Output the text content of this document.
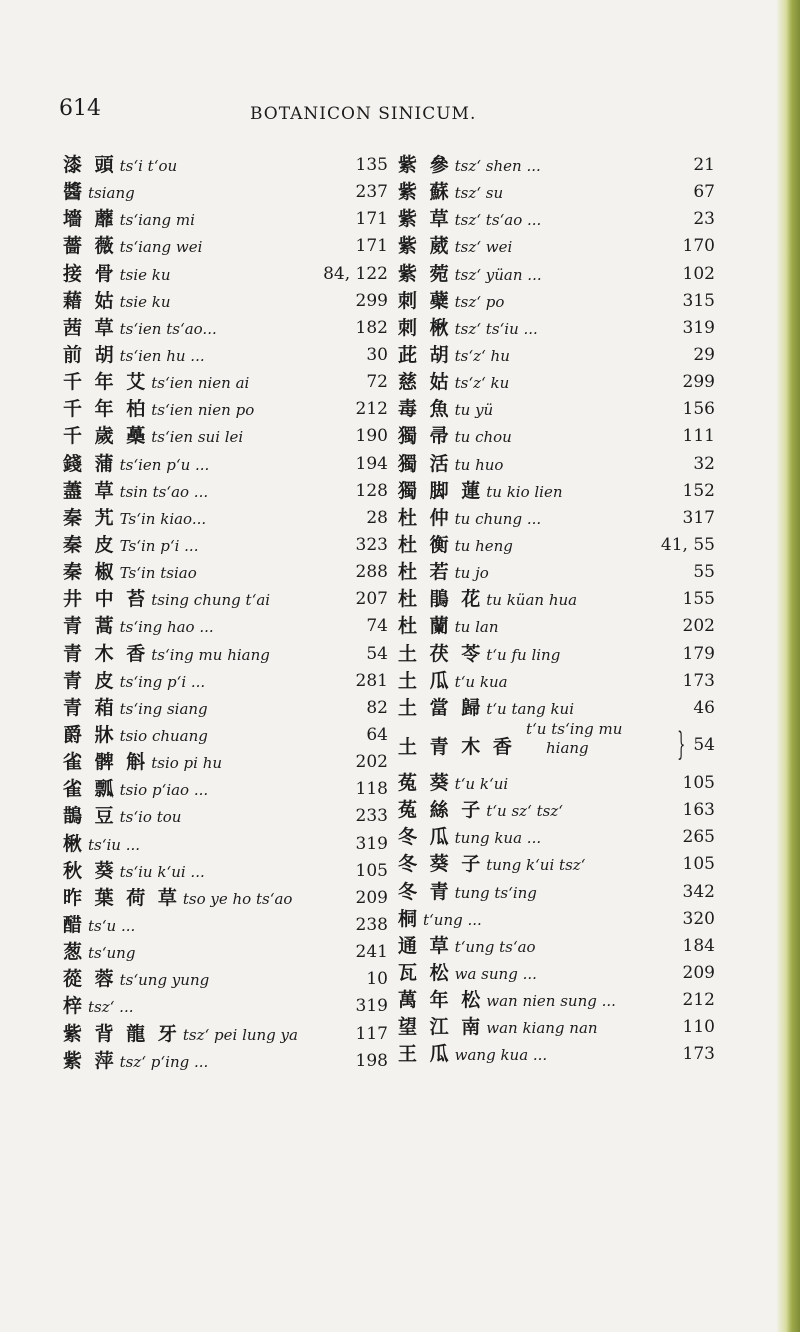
614	BOTANICON SINICUM.
漆 頭 ts‘i t‘ou	135
醬 tsiang	237
墻 蘼 ts‘iang mi	171
薔 薇 ts‘iang wei	171
接 骨 tsie ku	84, 122
藉 姑 tsie ku	299
茜 草 ts‘ien ts‘ao...	182
前 胡 ts‘ien hu ...	30
千 年 艾 ts‘ien nien ai	72
千 年 柏 ts‘ien nien po	212
千 歲 蘽 ts‘ien sui lei	190
錢 蒲 ts‘ien p‘u ...	194
藎 草 tsin ts‘ao ...	128
秦 艽 Ts‘in kiao...	28
秦 皮 Ts‘in p‘i ...	323
秦 椒 Ts‘in tsiao	288
井 中 苔 tsing chung t‘ai	207
青 蒿 ts‘ing hao ...	74
青 木 香 ts‘ing mu hiang	54
青 皮 ts‘ing p‘i ...	281
青 葙 ts‘ing siang	82
爵 牀 tsio chuang	64
雀 髀 斛 tsio pi hu	202
雀 瓢 tsio p‘iao ...	118
鵲 豆 ts‘io tou	233
楸 ts‘iu ...	319
秋 葵 ts‘iu k‘ui ...	105
昨 葉 荷 草 tso ye ho ts‘ao	209
醋 ts‘u ...	238
葱 ts‘ung	241
蓯 蓉 ts‘ung yung	10
梓 tsz‘ ...	319
紫 背 龍 牙 tsz‘ pei lung ya	117
紫 萍 tsz‘ p‘ing ...	198
紫 參 tsz‘ shen ...	21
紫 蘇 tsz‘ su	67
紫 草 tsz‘ ts‘ao ...	23
紫 葳 tsz‘ wei	170
紫 菀 tsz‘ yüan ...	102
刺 蘗 tsz‘ po	315
刺 楸 tsz‘ ts‘iu ...	319
茈 胡 ts‘z‘ hu	29
慈 姑 ts‘z‘ ku	299
毒 魚 tu yü	156
獨 帚 tu chou	111
獨 活 tu huo	32
獨 脚 蓮 tu kio lien	152
杜 仲 tu chung ...	317
杜 衡 tu heng	41, 55
杜 若 tu jo	55
杜 鵑 花 tu küan hua	155
杜 蘭 tu lan	202
土 茯 苓 t‘u fu ling	179
土 瓜 t‘u kua	173
土 當 歸 t‘u tang kui	46
土 青 木 香
t‘u ts‘ing mu
hiang	} 54
菟 葵 t‘u k‘ui	105
菟 絲 子 t‘u sz‘ tsz‘	163
冬 瓜 tung kua ...	265
冬 葵 子 tung k‘ui tsz‘	105
冬 青 tung ts‘ing	342
桐 t‘ung ...	320
通 草 t‘ung ts‘ao	184
瓦 松 wa sung ...	209
萬 年 松 wan nien sung ...	212
望 江 南 wan kiang nan	110
王 瓜 wang kua ...	173
